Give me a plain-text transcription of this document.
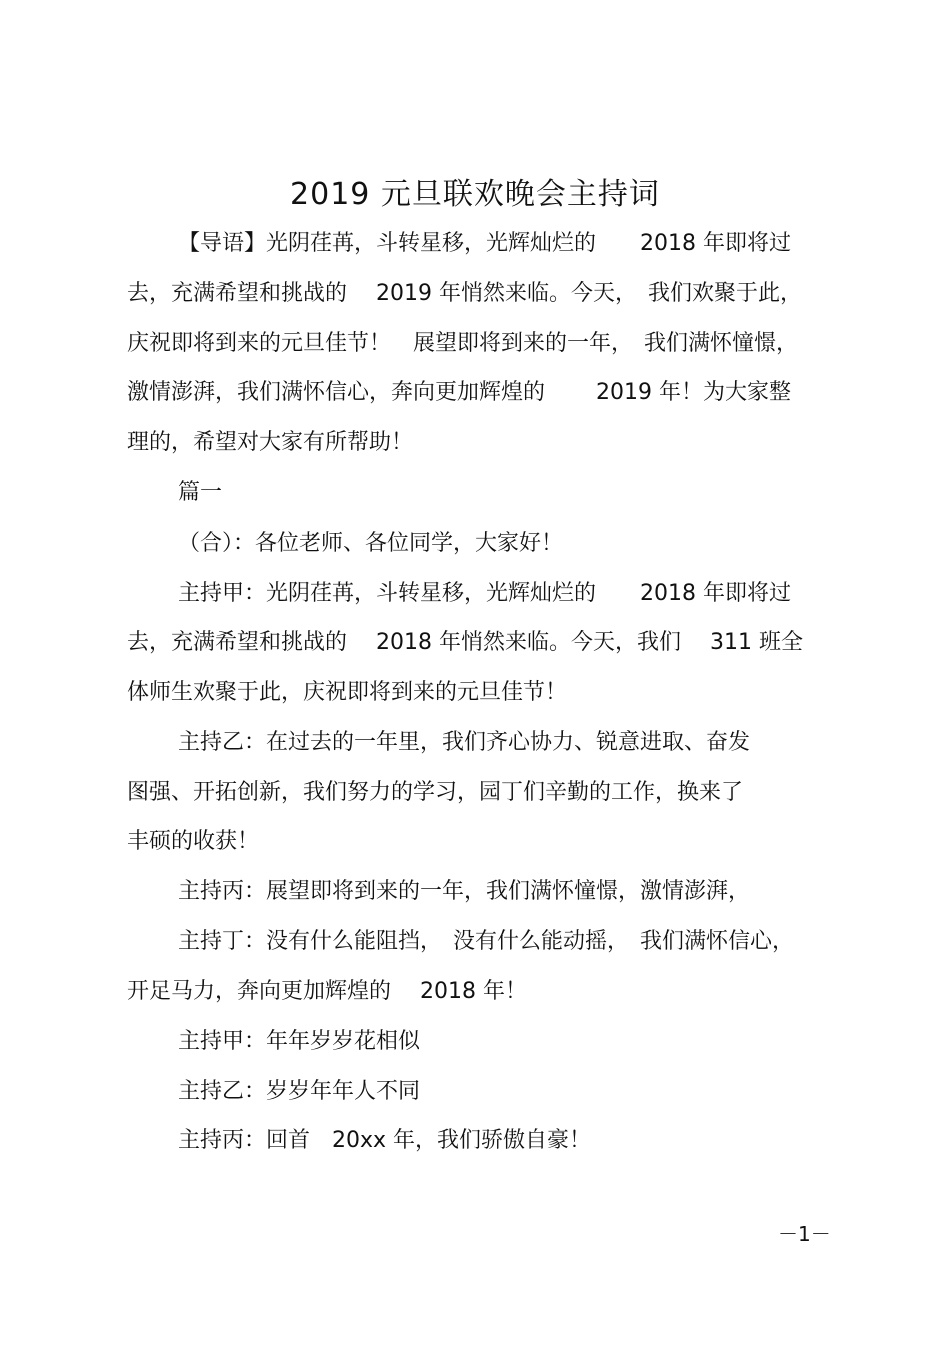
2019 元旦联欢晚会主持词
【导语】光阴荏苒，斗转星移，光辉灿烂的　　2018 年即将过
去，充满希望和挑战的　 2019 年悄然来临。今天，　我们欢聚于此，
庆祝即将到来的元旦佳节！　展望即将到来的一年，　我们满怀憧憬，
激情澎湃，我们满怀信心，奔向更加辉煌的　　 2019 年！为大家整
理的，希望对大家有所帮助！
篇一
（合）：各位老师、各位同学，大家好！
主持甲：光阴荏苒，斗转星移，光辉灿烂的　　2018 年即将过
去，充满希望和挑战的　 2018 年悄然来临。今天，我们　 311 班全
体师生欢聚于此，庆祝即将到来的元旦佳节！
主持乙：在过去的一年里，我们齐心协力、锐意进取、奋发
图强、开拓创新，我们努力的学习，园丁们辛勤的工作，换来了
丰硕的收获！
主持丙：展望即将到来的一年，我们满怀憧憬，激情澎湃，
主持丁：没有什么能阻挡，　没有什么能动摇，　我们满怀信心，
开足马力，奔向更加辉煌的　 2018 年！
主持甲：年年岁岁花相似
主持乙：岁岁年年人不同
主持丙：回首　20xx 年，我们骄傲自豪！
－1－
